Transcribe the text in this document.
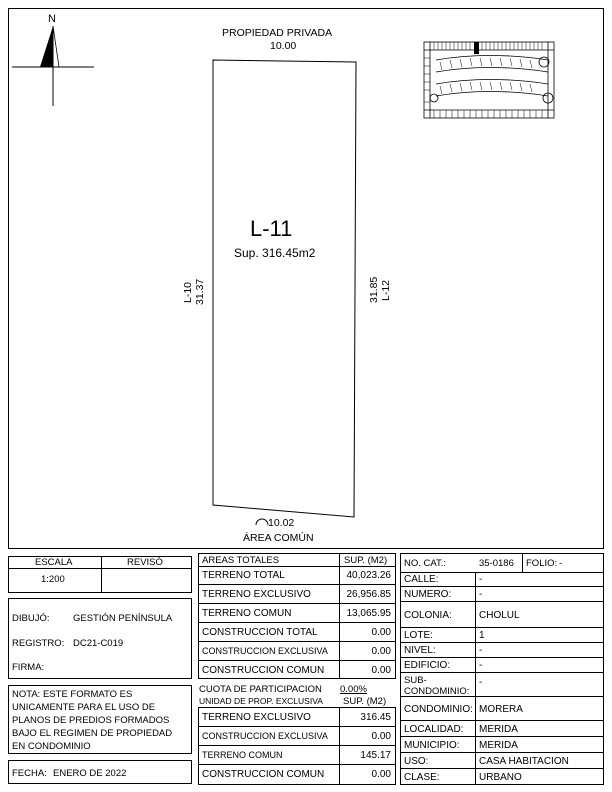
N
PROPIEDAD PRIVADA
10.00
L-11
Sup. 316.45m2
L-10 31.37	31.85 L-12
10.02
ÁREA COMÚN
ESCALA	REVISÓ
1:200
DIBUJÓ: GESTIÓN PENÍNSULA
REGISTRO: DC21-C019
FIRMA:
NOTA: ESTE FORMATO ES
UNICAMENTE PARA EL USO DE
PLANOS DE PREDIOS FORMADOS
BAJO EL REGIMEN DE PROPIEDAD
EN CONDOMINIO
FECHA: ENERO DE 2022
AREAS TOTALES	SUP. (M2)
TERRENO TOTAL	40,023.26
TERRENO EXCLUSIVO	26,956.85
TERRENO COMUN	13,065.95
CONSTRUCCION TOTAL	0.00
CONSTRUCCION EXCLUSIVA	0.00
CONSTRUCCION COMUN	0.00
CUOTA DE PARTICIPACION 0.00%
UNIDAD DE PROP. EXCLUSIVA SUP. (M2)
TERRENO EXCLUSIVO	316.45
CONSTRUCCION EXCLUSIVA	0.00
TERRENO COMUN	145.17
CONSTRUCCION COMUN	0.00
NO. CAT.:	35-0186 FOLIO: -
CALLE:	-
NUMERO:	-
COLONIA:	CHOLUL
LOTE:	1
NIVEL:	-
EDIFICIO:	-
SUB-CONDOMINIO:
-
CONDOMINIO: MORERA
LOCALIDAD: MERIDA
MUNICIPIO: MERIDA
USO:	CASA HABITACION
CLASE:	URBANO
